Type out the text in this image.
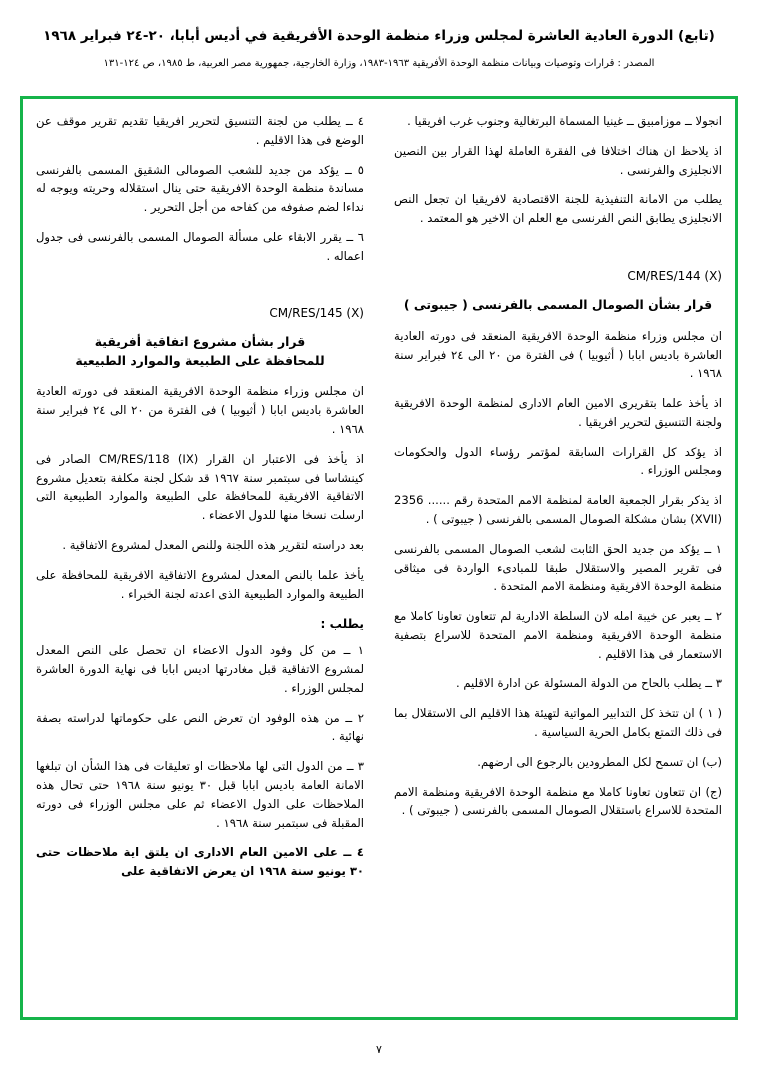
(تابع) الدورة العادية العاشرة لمجلس وزراء منظمة الوحدة الأفريقية في أديس أبابا، ٢٠-٢٤ فبراير ١٩٦٨
المصدر : قرارات وتوصيات وبيانات منظمة الوحدة الأفريقية ١٩٦٣-١٩٨٣، وزارة الخارجية، جمهورية مصر العربية، ط ١٩٨٥، ص ١٢٤-١٣١

انجولا ــ موزامبيق ــ غينيا المسماة البرتغالية وجنوب غرب افريقيا .

اذ يلاحظ ان هناك اختلافا فى الفقرة العاملة لهذا القرار بين النصين الانجليزى والفرنسى .

يطلب من الامانة التنفيذية للجنة الاقتصادية لافريقيا ان تجعل النص الانجليزى يطابق النص الفرنسى مع العلم ان الاخير هو المعتمد .

CM/RES/144 (X)
قرار بشأن الصومال المسمى بالفرنسى ( جيبوتى )

ان مجلس وزراء منظمة الوحدة الافريقية المنعقد فى دورته العادية العاشرة باديس ابابا ( أثيوبيا ) فى الفترة من ٢٠ الى ٢٤ فبراير سنة ١٩٦٨ .

اذ يأخذ علما بتقريرى الامين العام الادارى لمنظمة الوحدة الافريقية ولجنة التنسيق لتحرير افريقيا .

اذ يؤكد كل القرارات السابقة لمؤتمر رؤساء الدول والحكومات ومجلس الوزراء .

اذ يذكر بقرار الجمعية العامة لمنظمة الامم المتحدة رقم ...... 2356 (XVII) بشان مشكلة الصومال المسمى بالفرنسى ( جيبوتى ) .

١ ــ يؤكد من جديد الحق الثابت لشعب الصومال المسمى بالفرنسى فى تقرير المصير والاستقلال طبقا للمبادىء الواردة فى ميثاقى منظمة الوحدة الافريقية ومنظمة الامم المتحدة .

٢ ــ يعبر عن خيبة امله لان السلطة الادارية لم تتعاون تعاونا كاملا مع منظمة الوحدة الافريقية ومنظمة الامم المتحدة للاسراع بتصفية الاستعمار فى هذا الاقليم .

٣ ــ يطلب بالحاح من الدولة المسئولة عن ادارة الاقليم .

( ١ ) ان تتخذ كل التدابير المواتية لتهيئة هذا الاقليم الى الاستقلال بما فى ذلك التمتع بكامل الحرية السياسية .

(ب) ان تسمح لكل المطرودين بالرجوع الى ارضهم.

(ج) ان تتعاون تعاونا كاملا مع منظمة الوحدة الافريقية ومنظمة الامم المتحدة للاسراع باستقلال الصومال المسمى بالفرنسى ( جيبوتى ) .

٤ ــ يطلب من لجنة التنسيق لتحرير افريقيا تقديم تقرير موقف عن الوضع فى هذا الاقليم .

٥ ــ يؤكد من جديد للشعب الصومالى الشقيق المسمى بالفرنسى مساندة منظمة الوحدة الافريقية حتى ينال استقلاله وحريته ويوجه له نداءا لضم صفوفه من كفاحه من أجل التحرير .

٦ ــ يقرر الابقاء على مسألة الصومال المسمى بالفرنسى فى جدول اعماله .

CM/RES/145 (X)
قرار بشأن مشروع اتفاقية أفريقية
للمحافظة على الطبيعة والموارد الطبيعية

ان مجلس وزراء منظمة الوحدة الافريقية المنعقد فى دورته العادية العاشرة باديس ابابا ( أثيوبيا ) فى الفترة من ٢٠ الى ٢٤ فبراير سنة ١٩٦٨ .

اذ يأخذ فى الاعتبار ان القرار CM/RES/118 (IX) الصادر فى كينشاسا فى سبتمبر سنة ١٩٦٧ قد شكل لجنة مكلفة بتعديل مشروع الاتفاقية الافريقية للمحافظة على الطبيعة والموارد الطبيعية التى ارسلت نسخا منها للدول الاعضاء .

بعد دراسته لتقرير هذه اللجنة وللنص المعدل لمشروع الاتفاقية .

يأخذ علما بالنص المعدل لمشروع الاتفاقية الافريقية للمحافظة على الطبيعة والموارد الطبيعية الذى اعدته لجنة الخبراء .

يطلب :

١ ــ من كل وفود الدول الاعضاء ان تحصل على النص المعدل لمشروع الاتفاقية قبل مغادرتها اديس ابابا فى نهاية الدورة العاشرة لمجلس الوزراء .

٢ ــ من هذه الوفود ان تعرض النص على حكوماتها لدراسته بصفة نهائية .

٣ ــ من الدول التى لها ملاحظات او تعليقات فى هذا الشأن ان تبلغها الامانة العامة باديس ابابا قبل ٣٠ يونيو سنة ١٩٦٨ حتى تحال هذه الملاحظات على الدول الاعضاء ثم على مجلس الوزراء فى دورته المقبلة فى سبتمبر سنة ١٩٦٨ .

٤ ــ على الامين العام الادارى ان يلتق اية ملاحظات حتى ٣٠ يونيو سنة ١٩٦٨ ان يعرض الاتفاقية على

٧
